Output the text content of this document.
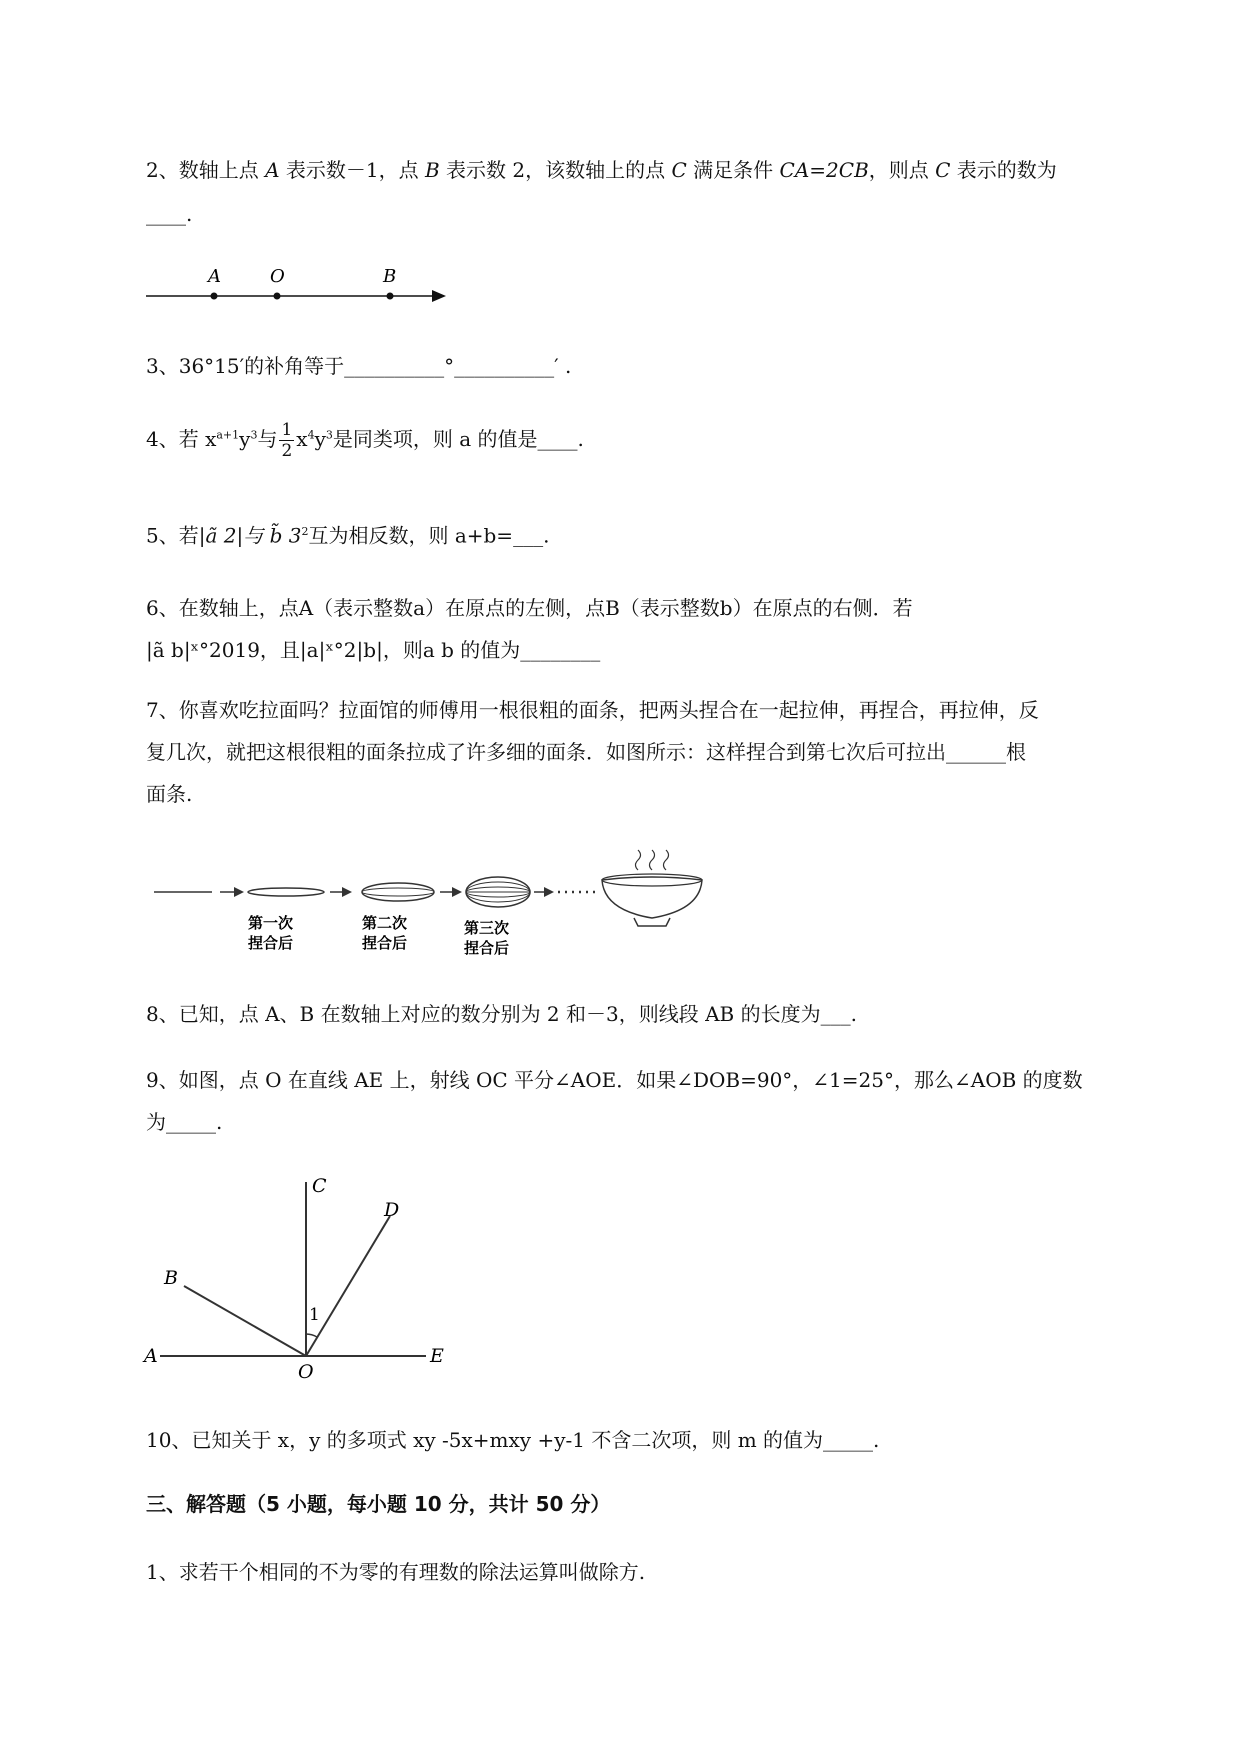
2、数轴上点 A 表示数－1，点 B 表示数 2，该数轴上的点 C 满足条件 CA=2CB，则点 C 表示的数为
____.
A	O	B
3、36°15′的补角等于__________°__________′ .
4、若 $x^{a+1}y^3$与 $\frac{1}{2} x^4y^3$是同类项，则 a 的值是____.
5、若|ã 2|与 b̃ $3^2$互为相反数，则 a+b=___.
6、在数轴上，点A（表示整数a）在原点的左侧，点B（表示整数b）在原点的右侧．若
|ã b|ˣ°2019，且|a|ˣ°2|b|，则a b 的值为________
7、你喜欢吃拉面吗？拉面馆的师傅用一根很粗的面条，把两头捏合在一起拉伸，再捏合，再拉伸，反
复几次，就把这根很粗的面条拉成了许多细的面条．如图所示：这样捏合到第七次后可拉出______根
面条.
第一次
捏合后
第二次
捏合后
第三次
捏合后
8、已知，点 A、B 在数轴上对应的数分别为 2 和－3，则线段 AB 的长度为___.
9、如图，点 O 在直线 AE 上，射线 OC 平分∠AOE．如果∠DOB=90°，∠1=25°，那么∠AOB 的度数
为_____.
C
D
B
1
A
O
E
10、已知关于 x，y 的多项式 xy -5x+mxy +y-1 不含二次项，则 m 的值为_____.
三、解答题（5 小题，每小题 10 分，共计 50 分）
1、求若干个相同的不为零的有理数的除法运算叫做除方.
